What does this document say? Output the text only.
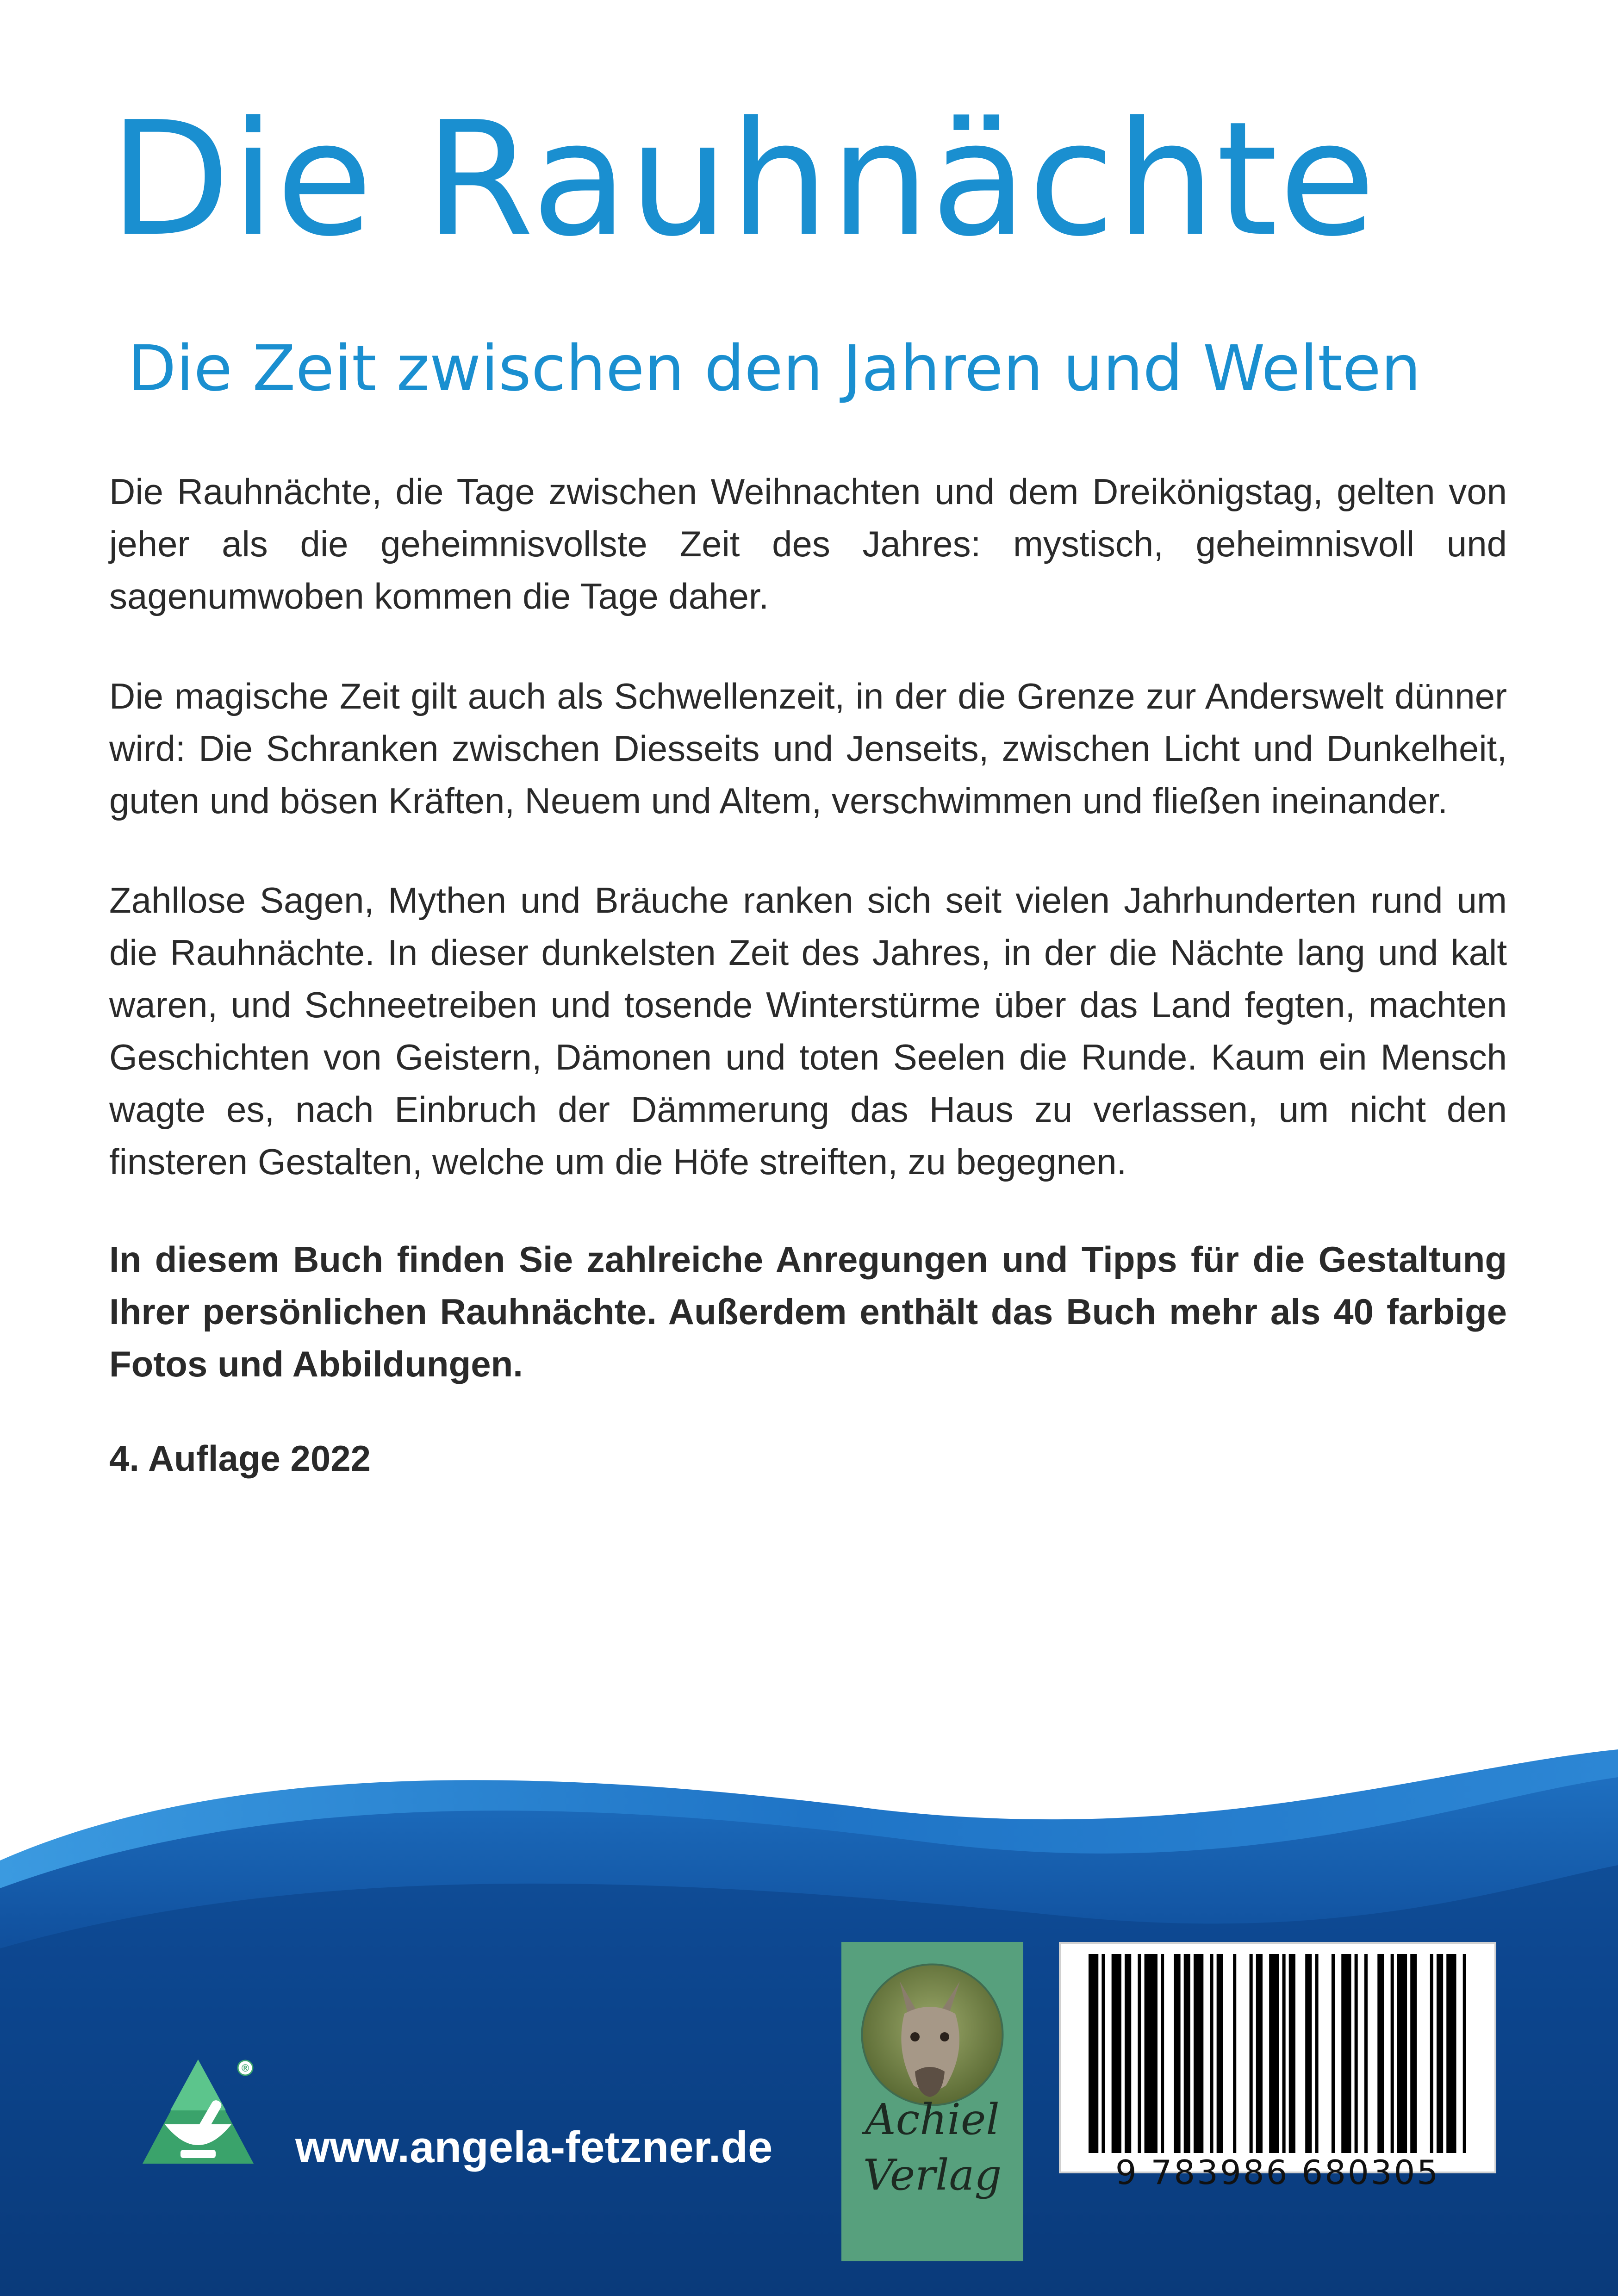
Die Rauhnächte
Die Zeit zwischen den Jahren und Welten

Die Rauhnächte, die Tage zwischen Weihnachten und dem Dreikönigstag, gelten von jeher als die geheimnisvollste Zeit des Jahres: mystisch, geheimnisvoll und sagenumwoben kommen die Tage daher.

Die magische Zeit gilt auch als Schwellenzeit, in der die Grenze zur Anderswelt dünner wird: Die Schranken zwischen Diesseits und Jenseits, zwischen Licht und Dunkelheit, guten und bösen Kräften, Neuem und Altem, verschwimmen und fließen ineinander.

Zahllose Sagen, Mythen und Bräuche ranken sich seit vielen Jahrhunderten rund um die Rauhnächte. In dieser dunkelsten Zeit des Jahres, in der die Nächte lang und kalt waren, und Schneetreiben und tosende Winterstürme über das Land fegten, machten Geschichten von Geistern, Dämonen und toten Seelen die Runde. Kaum ein Mensch wagte es, nach Einbruch der Dämmerung das Haus zu verlassen, um nicht den finsteren Gestalten, welche um die Höfe streiften, zu begegnen.

In diesem Buch finden Sie zahlreiche Anregungen und Tipps für die Gestaltung Ihrer persönlichen Rauhnächte. Außerdem enthält das Buch mehr als 40 farbige Fotos und Abbildungen.

4. Auflage 2022

®

www.angela-fetzner.de

Achiel
Verlag	9 783986 680305
